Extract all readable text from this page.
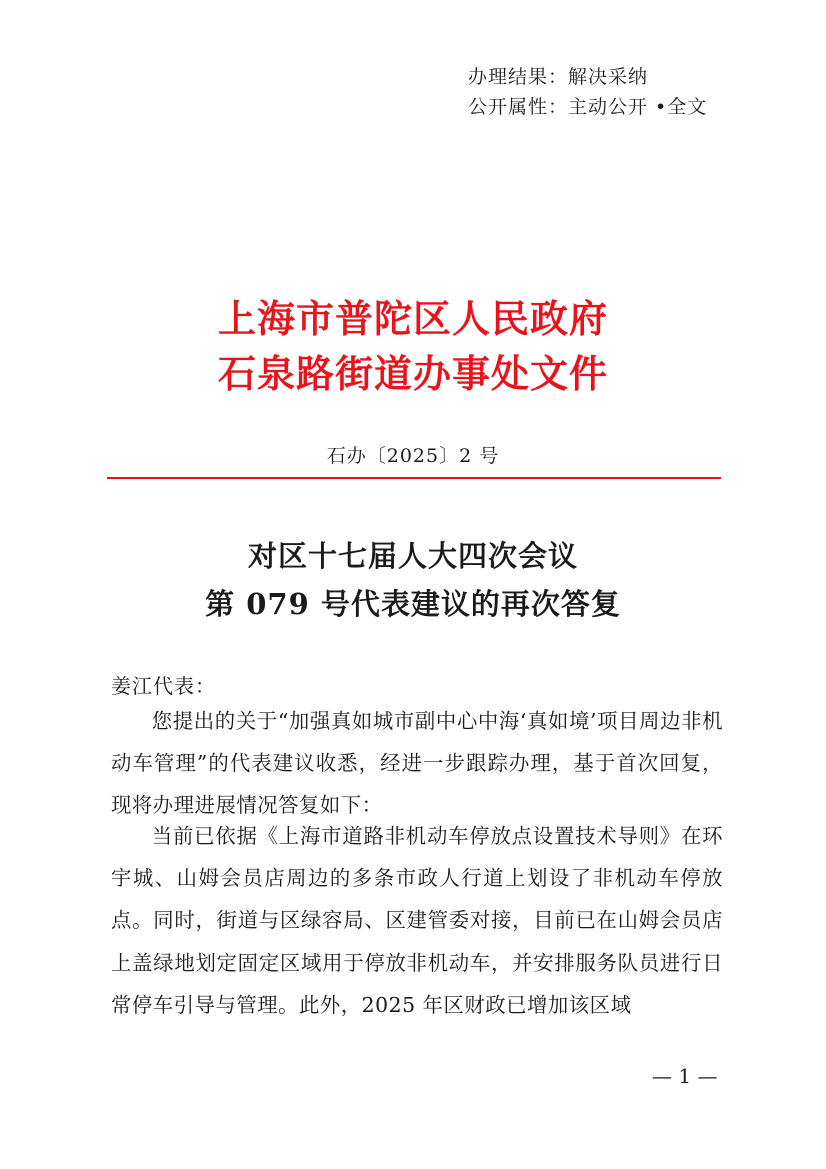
办理结果：解决采纳
公开属性：主动公开 •全文
上海市普陀区人民政府
石泉路街道办事处文件
石办〔2025〕2 号
对区十七届人大四次会议
第 079 号代表建议的再次答复
姜江代表：
您提出的关于“加强真如城市副中心中海‘真如境’项目周边非机动车管理”的代表建议收悉，经进一步跟踪办理，基于首次回复，现将办理进展情况答复如下：
当前已依据《上海市道路非机动车停放点设置技术导则》在环宇城、山姆会员店周边的多条市政人行道上划设了非机动车停放点。同时，街道与区绿容局、区建管委对接，目前已在山姆会员店上盖绿地划定固定区域用于停放非机动车，并安排服务队员进行日常停车引导与管理。此外，2025 年区财政已增加该区域
— 1 —
